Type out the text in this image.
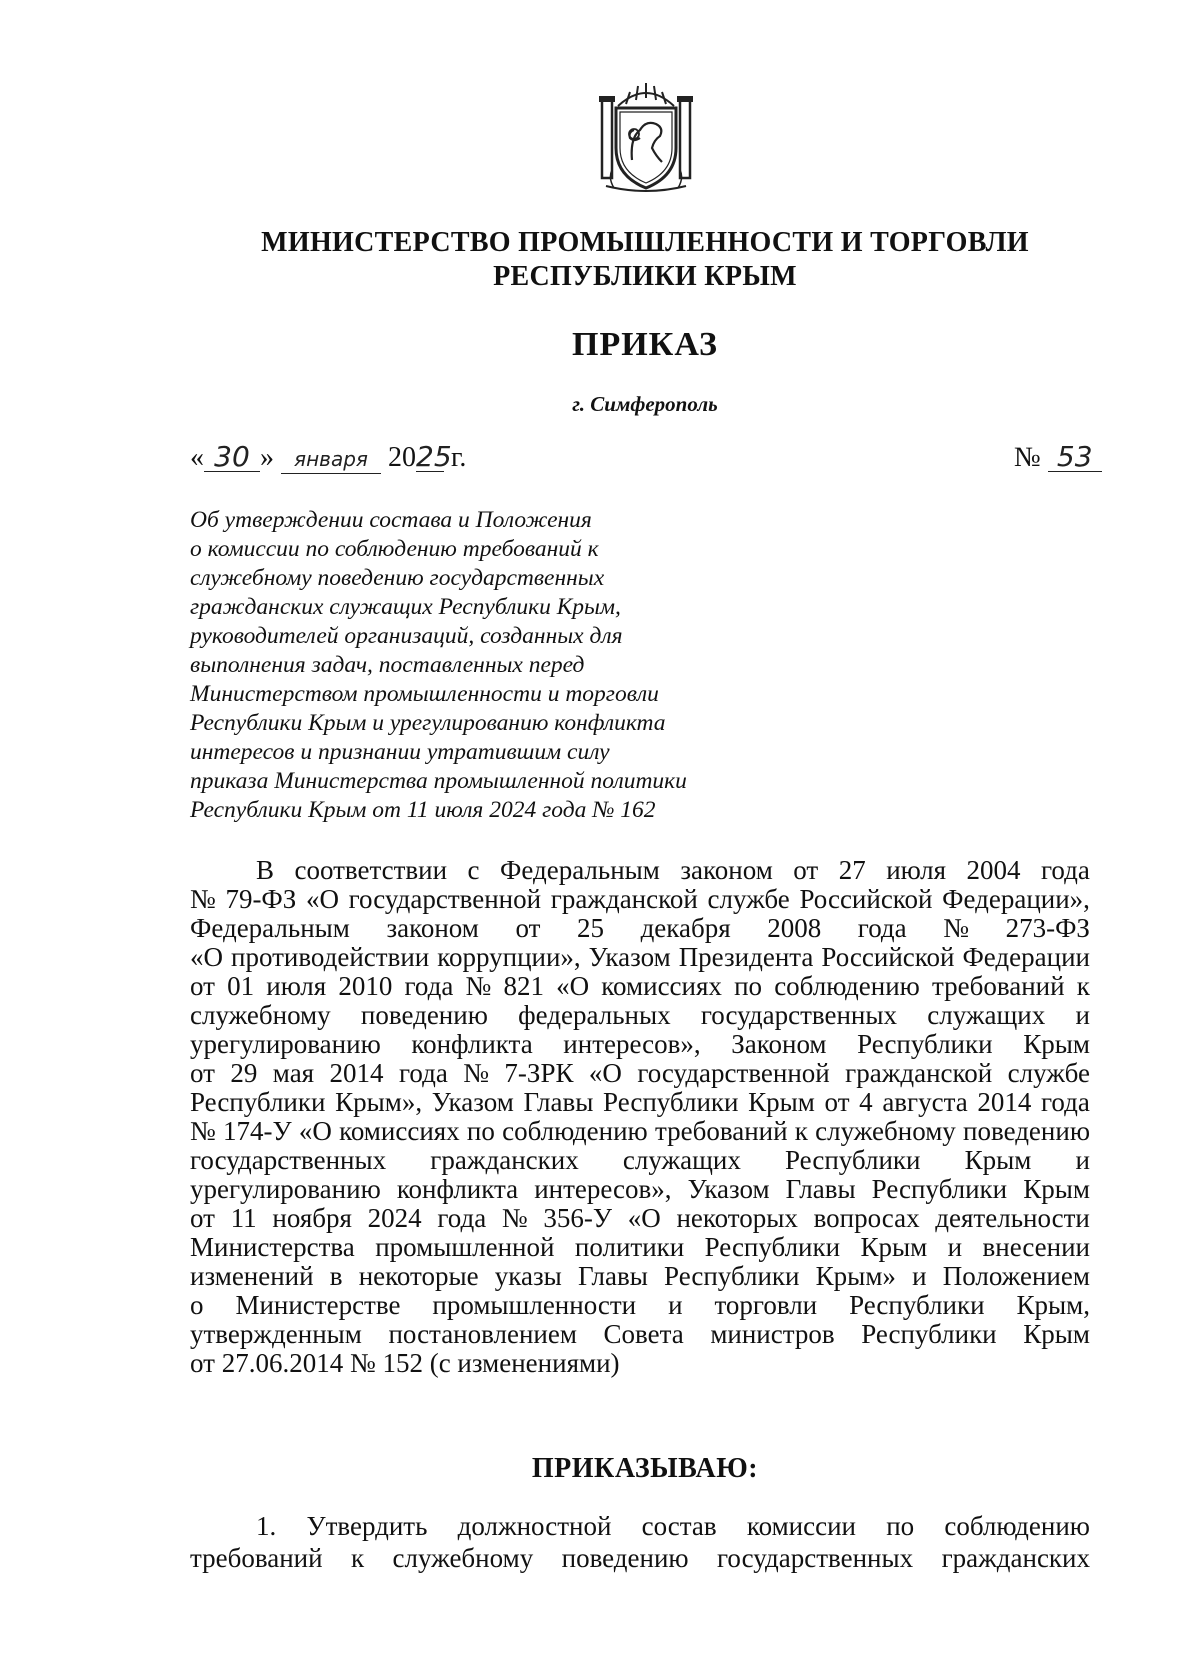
МИНИСТЕРСТВО ПРОМЫШЛЕННОСТИ И ТОРГОВЛИ
РЕСПУБЛИКИ КРЫМ
ПРИКАЗ
г. Симферополь
« 30 » января 2025 г.	№ 53
Об утверждении состава и Положения
о комиссии по соблюдению требований к
служебному поведению государственных
гражданских служащих Республики Крым,
руководителей организаций, созданных для
выполнения задач, поставленных перед
Министерством промышленности и торговли
Республики Крым и урегулированию конфликта
интересов и признании утратившим силу
приказа Министерства промышленной политики
Республики Крым от 11 июля 2024 года № 162
В соответствии с Федеральным законом от 27 июля 2004 года
№ 79-ФЗ «О государственной гражданской службе Российской Федерации»,
Федеральным законом от 25 декабря 2008 года № 273-ФЗ
«О противодействии коррупции», Указом Президента Российской Федерации
от 01 июля 2010 года № 821 «О комиссиях по соблюдению требований к
служебному поведению федеральных государственных служащих и
урегулированию конфликта интересов», Законом Республики Крым
от 29 мая 2014 года № 7-ЗРК «О государственной гражданской службе
Республики Крым», Указом Главы Республики Крым от 4 августа 2014 года
№ 174-У «О комиссиях по соблюдению требований к служебному поведению
государственных гражданских служащих Республики Крым и
урегулированию конфликта интересов», Указом Главы Республики Крым
от 11 ноября 2024 года № 356-У «О некоторых вопросах деятельности
Министерства промышленной политики Республики Крым и внесении
изменений в некоторые указы Главы Республики Крым» и Положением
о Министерстве промышленности и торговли Республики Крым,
утвержденным постановлением Совета министров Республики Крым
от 27.06.2014 № 152 (с изменениями)
ПРИКАЗЫВАЮ:
1. Утвердить должностной состав комиссии по соблюдению
требований к служебному поведению государственных гражданских
